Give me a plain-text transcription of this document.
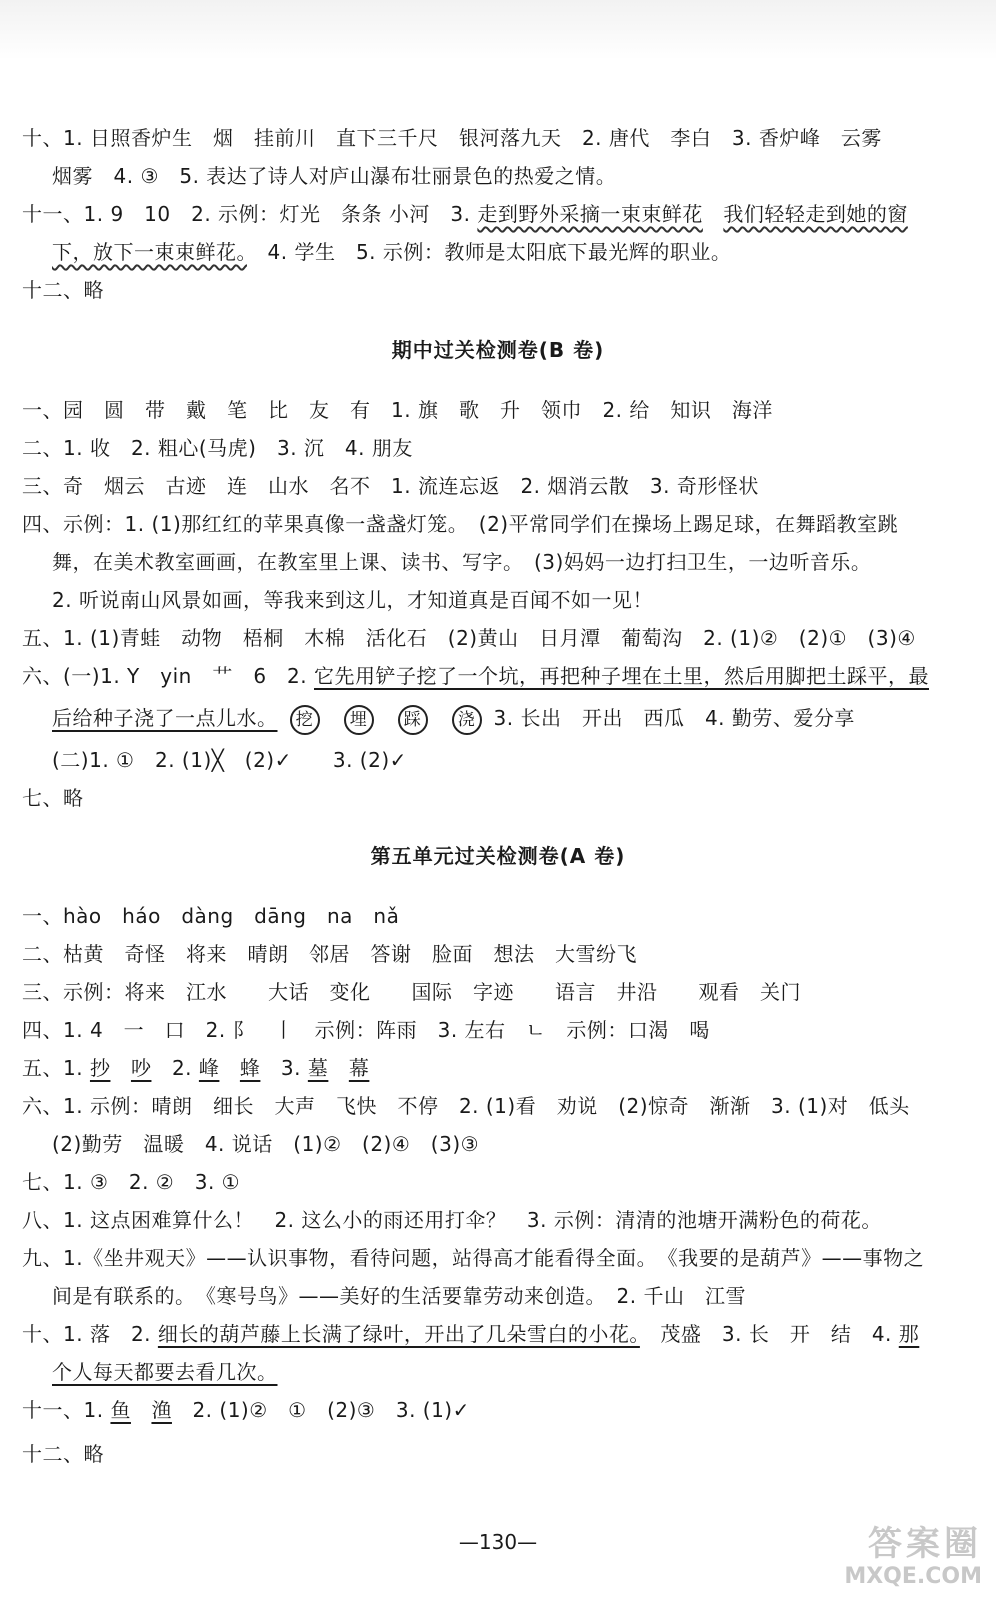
十、1. 日照香炉生　烟　挂前川　直下三千尺　银河落九天　2. 唐代　李白　3. 香炉峰　云雾
烟雾　4. ③　5. 表达了诗人对庐山瀑布壮丽景色的热爱之情。
十一、1. 9　10　2. 示例：灯光　条条 小河　3. 走到野外采摘一束束鲜花　 我们轻轻走到她的窗
下，放下一束束鲜花。　 4. 学生　5. 示例：教师是太阳底下最光辉的职业。
十二、略
期中过关检测卷(B 卷)
一、园　圆　带　戴　笔　比　友　有　1. 旗　歌　升　领巾　2. 给　知识　海洋
二、1. 收　2. 粗心(马虎)　3. 沉　4. 朋友
三、奇　烟云　古迹　连　山水　名不　1. 流连忘返　2. 烟消云散　3. 奇形怪状
四、示例：1. (1)那红红的苹果真像一盏盏灯笼。　(2)平常同学们在操场上踢足球，在舞蹈教室跳
舞，在美术教室画画，在教室里上课、读书、写字。　(3)妈妈一边打扫卫生，一边听音乐。
2. 听说南山风景如画，等我来到这儿，才知道真是百闻不如一见！
五、1. (1)青蛙　动物　梧桐　木棉　活化石　(2)黄山　日月潭　葡萄沟　2. (1)②　(2)①　(3)④
六、(一)1. Y　yin　艹　6　2. 它先用铲子挖了一个坑，再把种子埋在土里，然后用脚把土踩平，最
后给种子浇了一点儿水。 挖 埋 踩 浇 3. 长出　开出　西瓜　4. 勤劳、爱分享
(二)1. ①　2. (1)╳　(2)✓　　3. (2)✓
七、略
第五单元过关检测卷(A 卷)
一、hào　háo　dàng　dāng　na　nǎ
二、枯黄　奇怪　将来　晴朗　邻居　答谢　脸面　想法　大雪纷飞
三、示例：将来　江水　　大话　变化　　国际　字迹　　语言　井沿　　观看　关门
四、1. 4　一　口　2. 阝　丨　示例：阵雨　3. 左右　ㄴ　示例：口渴　喝
五、1. 抄　 吵　 2. 峰　 蜂　 3. 墓　 幕
六、1. 示例：晴朗　细长　大声　飞快　不停　2. (1)看　劝说　(2)惊奇　渐渐　3. (1)对　低头
(2)勤劳　温暖　4. 说话　(1)②　(2)④　(3)③
七、1. ③　2. ②　3. ①
八、1. 这点困难算什么！　2. 这么小的雨还用打伞？　3. 示例：清清的池塘开满粉色的荷花。
九、1.《坐井观天》——认识事物，看待问题，站得高才能看得全面。　《我要的是葫芦》——事物之
间是有联系的。　《寒号鸟》——美好的生活要靠劳动来创造。　2. 千山　江雪
十、1. 落　2. 细长的葫芦藤上长满了绿叶，开出了几朵雪白的小花。　茂盛　3. 长　开　结　4. 那
个人每天都要去看几次。
十一、1. 鱼　 渔　2. (1)②　①　(2)③　3. (1)✓
十二、略
—130—	答案圈
MXQE.COM
